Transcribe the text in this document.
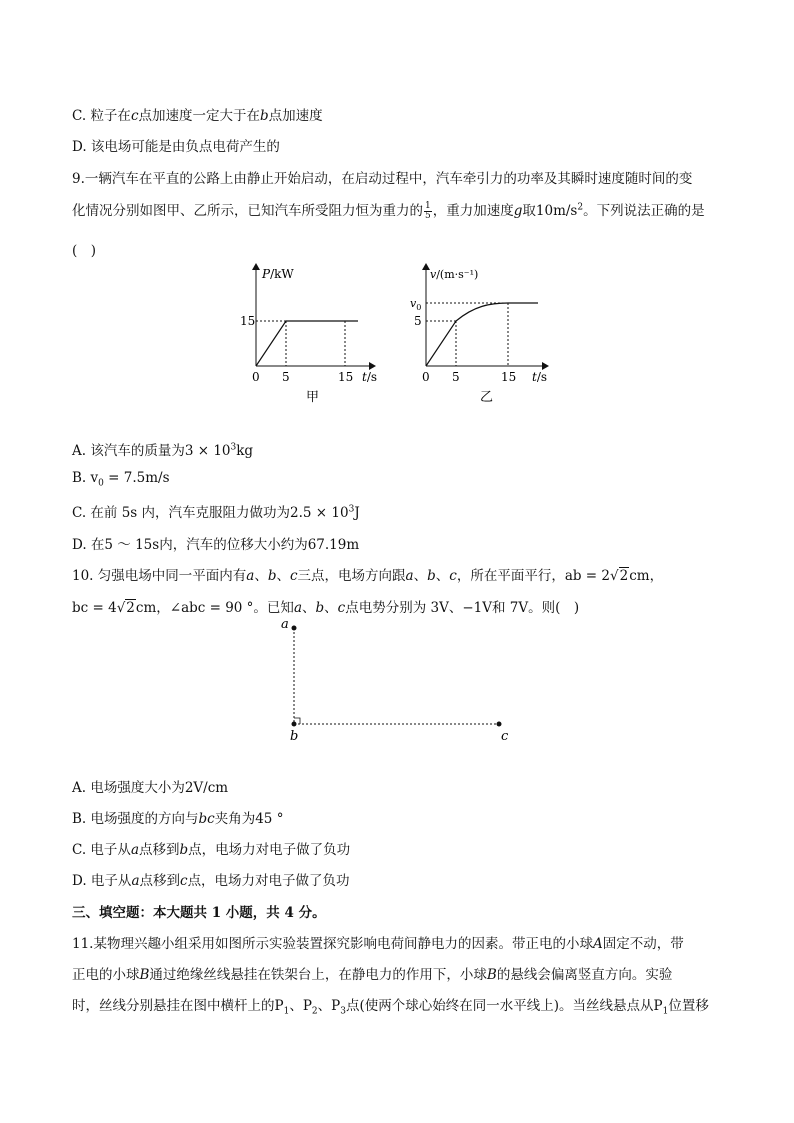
C. 粒子在c点加速度一定大于在b点加速度
D. 该电场可能是由负点电荷产生的
9.一辆汽车在平直的公路上由静止开始启动，在启动过程中，汽车牵引力的功率及其瞬时速度随时间的变
化情况分别如图甲、乙所示，已知汽车所受阻力恒为重力的 $\frac{1}{5}$ ，重力加速度g取$10m/s^2$。下列说法正确的是
(　)
P/kW
15
0 5	15 t/s
甲
v/(m·s⁻¹)
$v_0$
5
0 5	15 t/s
乙
A. 该汽车的质量为$3 \times 10^3kg$
B. $v_0 = 7.5m/s$
C. 在前 5s 内，汽车克服阻力做功为$2.5 \times 10^3J$
D. 在5 ～ 15s内，汽车的位移大小约为67.19m
10. 匀强电场中同一平面内有a、b、c三点，电场方向跟a、b、c，所在平面平行，ab = 2√2cm，
bc = 4√2cm，∠abc = 90 °。已知a、b、c点电势分别为 3V、−1V和 7V。则(　)
a
b	c
A. 电场强度大小为2V/cm
B. 电场强度的方向与bc夹角为45 °
C. 电子从a点移到b点，电场力对电子做了负功
D. 电子从a点移到c点，电场力对电子做了负功
三、填空题：本大题共 1 小题，共 4 分。
11.某物理兴趣小组采用如图所示实验装置探究影响电荷间静电力的因素。带正电的小球A固定不动，带
正电的小球B通过绝缘丝线悬挂在铁架台上，在静电力的作用下，小球B的悬线会偏离竖直方向。实验
时，丝线分别悬挂在图中横杆上的$P_1$、$P_2$、$P_3$点(使两个球心始终在同一水平线上)。当丝线悬点从$P_1$位置移
